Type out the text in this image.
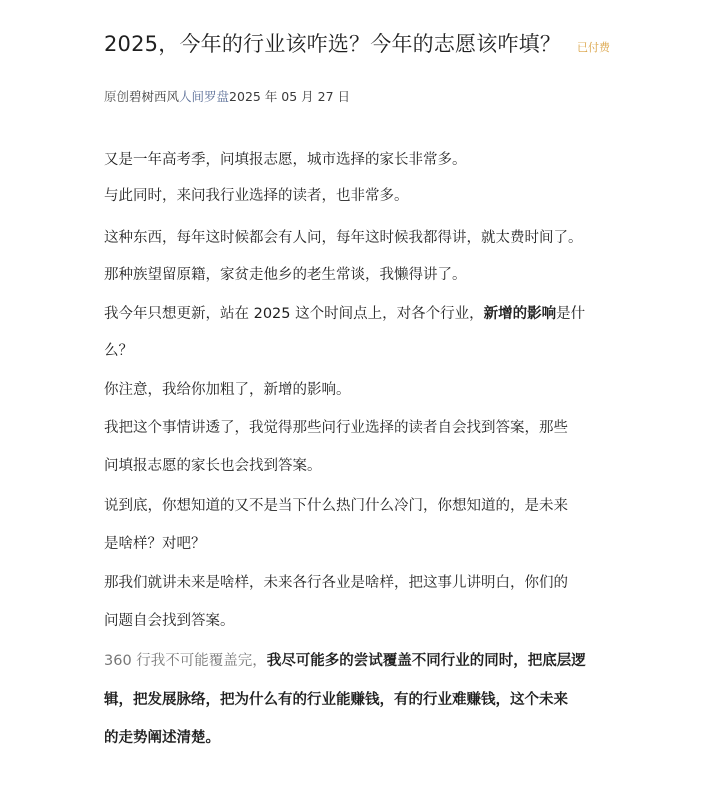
2025，今年的行业该咋选？今年的志愿该咋填？ 已付费
原创碧树西风人间罗盘2025 年 05 月 27 日

又是一年高考季，问填报志愿，城市选择的家长非常多。

与此同时，来问我行业选择的读者，也非常多。

这种东西，每年这时候都会有人问，每年这时候我都得讲，就太费时间了。

那种族望留原籍，家贫走他乡的老生常谈，我懒得讲了。

我今年只想更新，站在 2025 这个时间点上，对各个行业，新增的影响是什

么？

你注意，我给你加粗了，新增的影响。

我把这个事情讲透了，我觉得那些问行业选择的读者自会找到答案，那些

问填报志愿的家长也会找到答案。

说到底，你想知道的又不是当下什么热门什么冷门，你想知道的，是未来

是啥样？对吧？

那我们就讲未来是啥样，未来各行各业是啥样，把这事儿讲明白，你们的

问题自会找到答案。

360 行我不可能覆盖完，我尽可能多的尝试覆盖不同行业的同时，把底层逻

辑，把发展脉络，把为什么有的行业能赚钱，有的行业难赚钱，这个未来

的走势阐述清楚。
